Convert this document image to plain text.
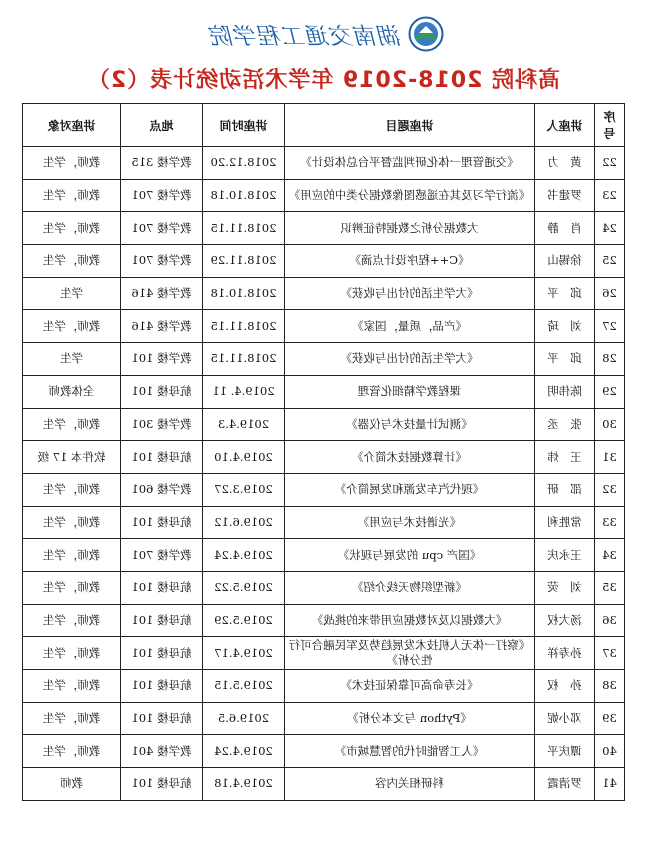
湖南交通工程学院
高科院 2018-2019 年学术活动统计表（2）
序号	讲座人	讲座题目	讲座时间	地点	讲座对象
22	黄　力	《交通管理一体化研判监督平台总体设计》	2018.12.20	教学楼 315	教师，学生
23	罗建书	《流行学习及其在遥感图像数据分类中的应用》	2018.10.18	教学楼 701	教师，学生
24	肖　静	大数据分析之数据特征辨识	2018.11.15	教学楼 701	教师，学生
25	徐锡山	《C++程序设计点滴》	2018.11.29	教学楼 701	教师，学生
26	邱　平	《大学生活的付出与收获》	2018.10.18	教学楼 416	学生
27	刘　琦	《产品，质量，国家》	2018.11.15	教学楼 416	教师，学生
28	邱　平	《大学生活的付出与收获》	2018.11.15	教学楼 101	学生
29	陈伟明	课程教学精细化管理	2019.4. 11	航母楼 101	全体教师
30	张　丞	《测试计量技术与仪器》	2019.4.3	教学楼 301	教师，学生
31	王　炜	《计算数据技术简介》	2019.4.10	航母楼 101	软件本 17 级
32	邵　研	《现代汽车发源和发展简介》	2019.3.27	教学楼 601	教师，学生
33	常胜利	《光谱技术与应用》	2019.6.12	航母楼 101	教师，学生
34	王永庆	《国产 cpu 的发展与现状》	2019.4.24	教学楼 701	教师，学生
35	刘　荧	《新型织物天线介绍》	2019.5.22	航母楼 101	教师，学生
36	汤大权	《大数据以及对数据应用带来的挑战》	2019.5.29	航母楼 101	教师，学生
37	孙寿祥	《察打一体无人机技术发展趋势及军民融合可行性分析》	2019.4.17	航母楼 101	教师，学生
38	孙　权	《长寿命高可靠保证技术》	2019.5.15	航母楼 101	教师，学生
39	邓小妮	《Python 与文本分析》	2019.6.5	航母楼 101	教师，学生
40	谭庆平	《人工智能时代的智慧城市》	2019.4.24	教学楼 401	教师，学生
41	罗清霞	科研相关内容	2019.4.18	航母楼 101	教师
